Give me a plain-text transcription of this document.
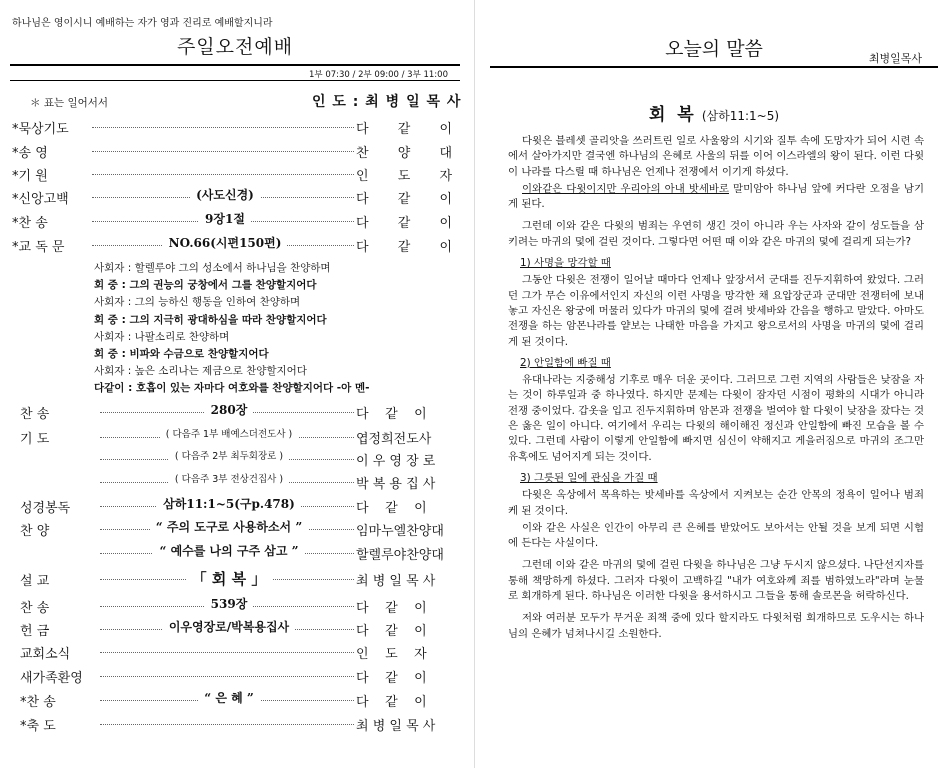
하나님은 영이시니 예배하는 자가 영과 진리로 예배할지니라
주일오전예배
1부 07:30 / 2부 09:00 / 3부 11:00
＊ 표는 일어서서	인 도 : 최 병 일 목 사
*묵상기도	다 같 이
*송 영	찬 양 대
*기 원	인 도 자
*신앙고백	(사도신경)	다 같 이
*찬 송	9장1절	다 같 이
*교 독 문	NO.66(시편150편)	다 같 이
사회자 : 할렐루야 그의 성소에서 하나님을 찬양하며
회 중 : 그의 권능의 궁창에서 그를 찬양할지어다
사회자 : 그의 능하신 행동을 인하여 찬양하며
회 중 : 그의 지극히 광대하심을 따라 찬양할지어다
사회자 : 나팔소리로 찬양하며
회 중 : 비파와 수금으로 찬양할지어다
사회자 : 높은 소리나는 제금으로 찬양할지어다
다같이 : 호흡이 있는 자마다 여호와를 찬양할지어다 -아 멘-
찬 송	280장	다    같    이
기 도	( 다음주 1부 배예스더전도사 )	엽정희전도사
( 다음주 2부 최두회장로 )	이 우 영 장 로
( 다음주 3부 전상건집사 )	박 복 용 집 사
성경봉독	삼하11:1~5(구p.478)	다    같    이
찬 양	“ 주의 도구로 사용하소서 ”	임마누엘찬양대
“ 예수를 나의 구주 삼고 ”	할렐루야찬양대
설 교	「 회 복 」	최 병 일 목 사
찬 송	539장	다    같    이
헌 금	이우영장로/박복용집사	다    같    이
교회소식	인    도    자
새가족환영	다    같    이
*찬 송	“ 은 혜 ”	다    같    이
*축 도	최 병 일 목 사
오늘의 말씀	최병일목사
회 복 (삼하11:1~5)

다윗은 블레셋 골리앗을 쓰러트린 일로 사울왕의 시기와 질투 속에 도망자가 되어 시련 속에서 살아가지만 결국엔 하나님의 은혜로 사울의 뒤를 이어 이스라엘의 왕이 된다. 이런 다윗이 나라를 다스릴 때 하나님은 언제나 전쟁에서 이기게 하셨다.

이와같은 다윗이지만 우리아의 아내 밧세바로 말미암아 하나님 앞에 커다란 오점을 남기게 된다.

그런데 이와 같은 다윗의 범죄는 우연히 생긴 것이 아니라 우는 사자와 같이 성도들을 삼키려는 마귀의 덫에 걸린 것이다. 그렇다면 어떤 때 이와 같은 마귀의 덫에 걸리게 되는가?

1) 사명을 망각할 때

그동안 다윗은 전쟁이 일어날 때마다 언제나 앞장서서 군대를 진두지휘하여 왔었다. 그러던 그가 무슨 이유에서인지 자신의 이런 사명을 망각한 채 요압장군과 군대만 전쟁터에 보내놓고 자신은 왕궁에 머물러 있다가 마귀의 덫에 걸려 밧세바와 간음을 행하고 말았다. 아마도 전쟁을 하는 암몬나라를 얕보는 나태한 마음을 가지고 왕으로서의 사명을 마귀의 덫에 걸리게 된 것이다.

2) 안일함에 빠질 때

유대나라는 지중해성 기후로 매우 더운 곳이다. 그러므로 그런 지역의 사람들은 낮잠을 자는 것이 하루일과 중 하나였다. 하지만 문제는 다윗이 잠자던 시점이 평화의 시대가 아니라 전쟁 중이었다. 갑옷을 입고 진두지휘하며 암몬과 전쟁을 벌여야 할 다윗이 낮잠을 잤다는 것은 옳은 일이 아니다. 여기에서 우리는 다윗의 해이해진 정신과 안일함에 빠진 모습을 볼 수 있다. 그런데 사람이 이렇게 안일함에 빠지면 심신이 약해지고 게을러짐으로 마귀의 조그만 유혹에도 넘어지게 되는 것이다.

3) 그릇된 일에 관심을 가질 때

다윗은 옥상에서 목욕하는 밧세바를 옥상에서 지켜보는 순간 안목의 정욕이 일어나 범죄케 된 것이다.

이와 같은 사실은 인간이 아무리 큰 은혜를 받았어도 보아서는 안될 것을 보게 되면 시험에 든다는 사실이다.

그런데 이와 같은 마귀의 덫에 걸린 다윗을 하나님은 그냥 두시지 않으셨다. 나단선지자를 통해 책망하게 하셨다. 그러자 다윗이 고백하길 "내가 여호와께 죄를 범하였노라"라며 눈물로 회개하게 된다. 하나님은 이러한 다윗을 용서하시고 그들을 통해 솔로몬을 허락하신다.

저와 여러분 모두가 무거운 죄책 중에 있다 할지라도 다윗처럼 회개하므로 도우시는 하나님의 은혜가 넘쳐나시길 소원한다.
